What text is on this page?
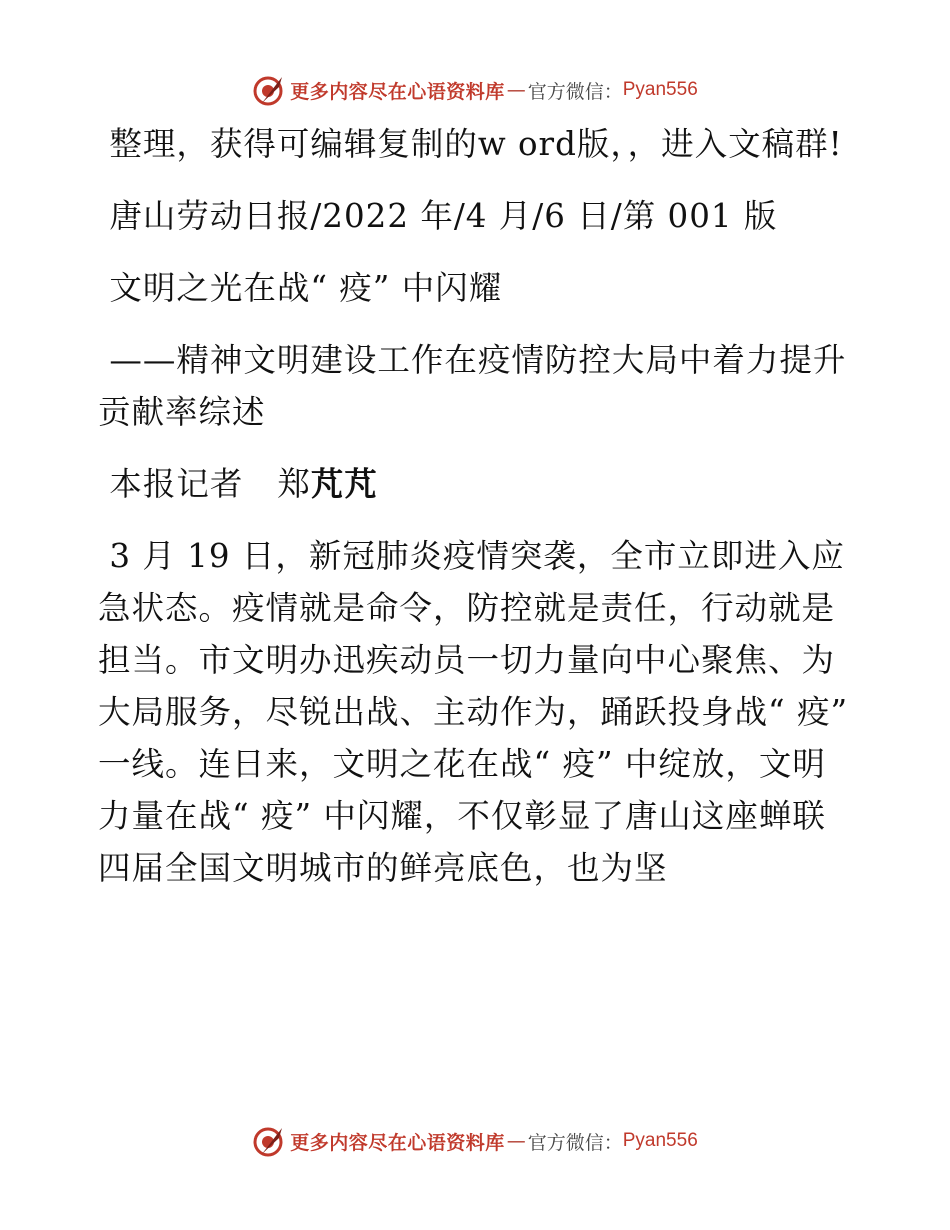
更多内容尽在心语资料库 — 官方微信： Pyan556

整理，获得可编辑复制的w ord版，，进入文稿群!

唐山劳动日报/2022 年/4 月/6 日/第 001 版

文明之光在战“ 疫” 中闪耀

——精神文明建设工作在疫情防控大局中着力提升贡献率综述

本报记者   郑芃芃

3 月 19 日，新冠肺炎疫情突袭，全市立即进入应急状态。疫情就是命令，防控就是责任，行动就是担当。市文明办迅疾动员一切力量向中心聚焦、为大局服务，尽锐出战、主动作为，踊跃投身战“ 疫” 一线。连日来，文明之花在战“ 疫” 中绽放，文明力量在战“ 疫” 中闪耀，不仅彰显了唐山这座蝉联四届全国文明城市的鲜亮底色，也为坚

更多内容尽在心语资料库 — 官方微信： Pyan556
